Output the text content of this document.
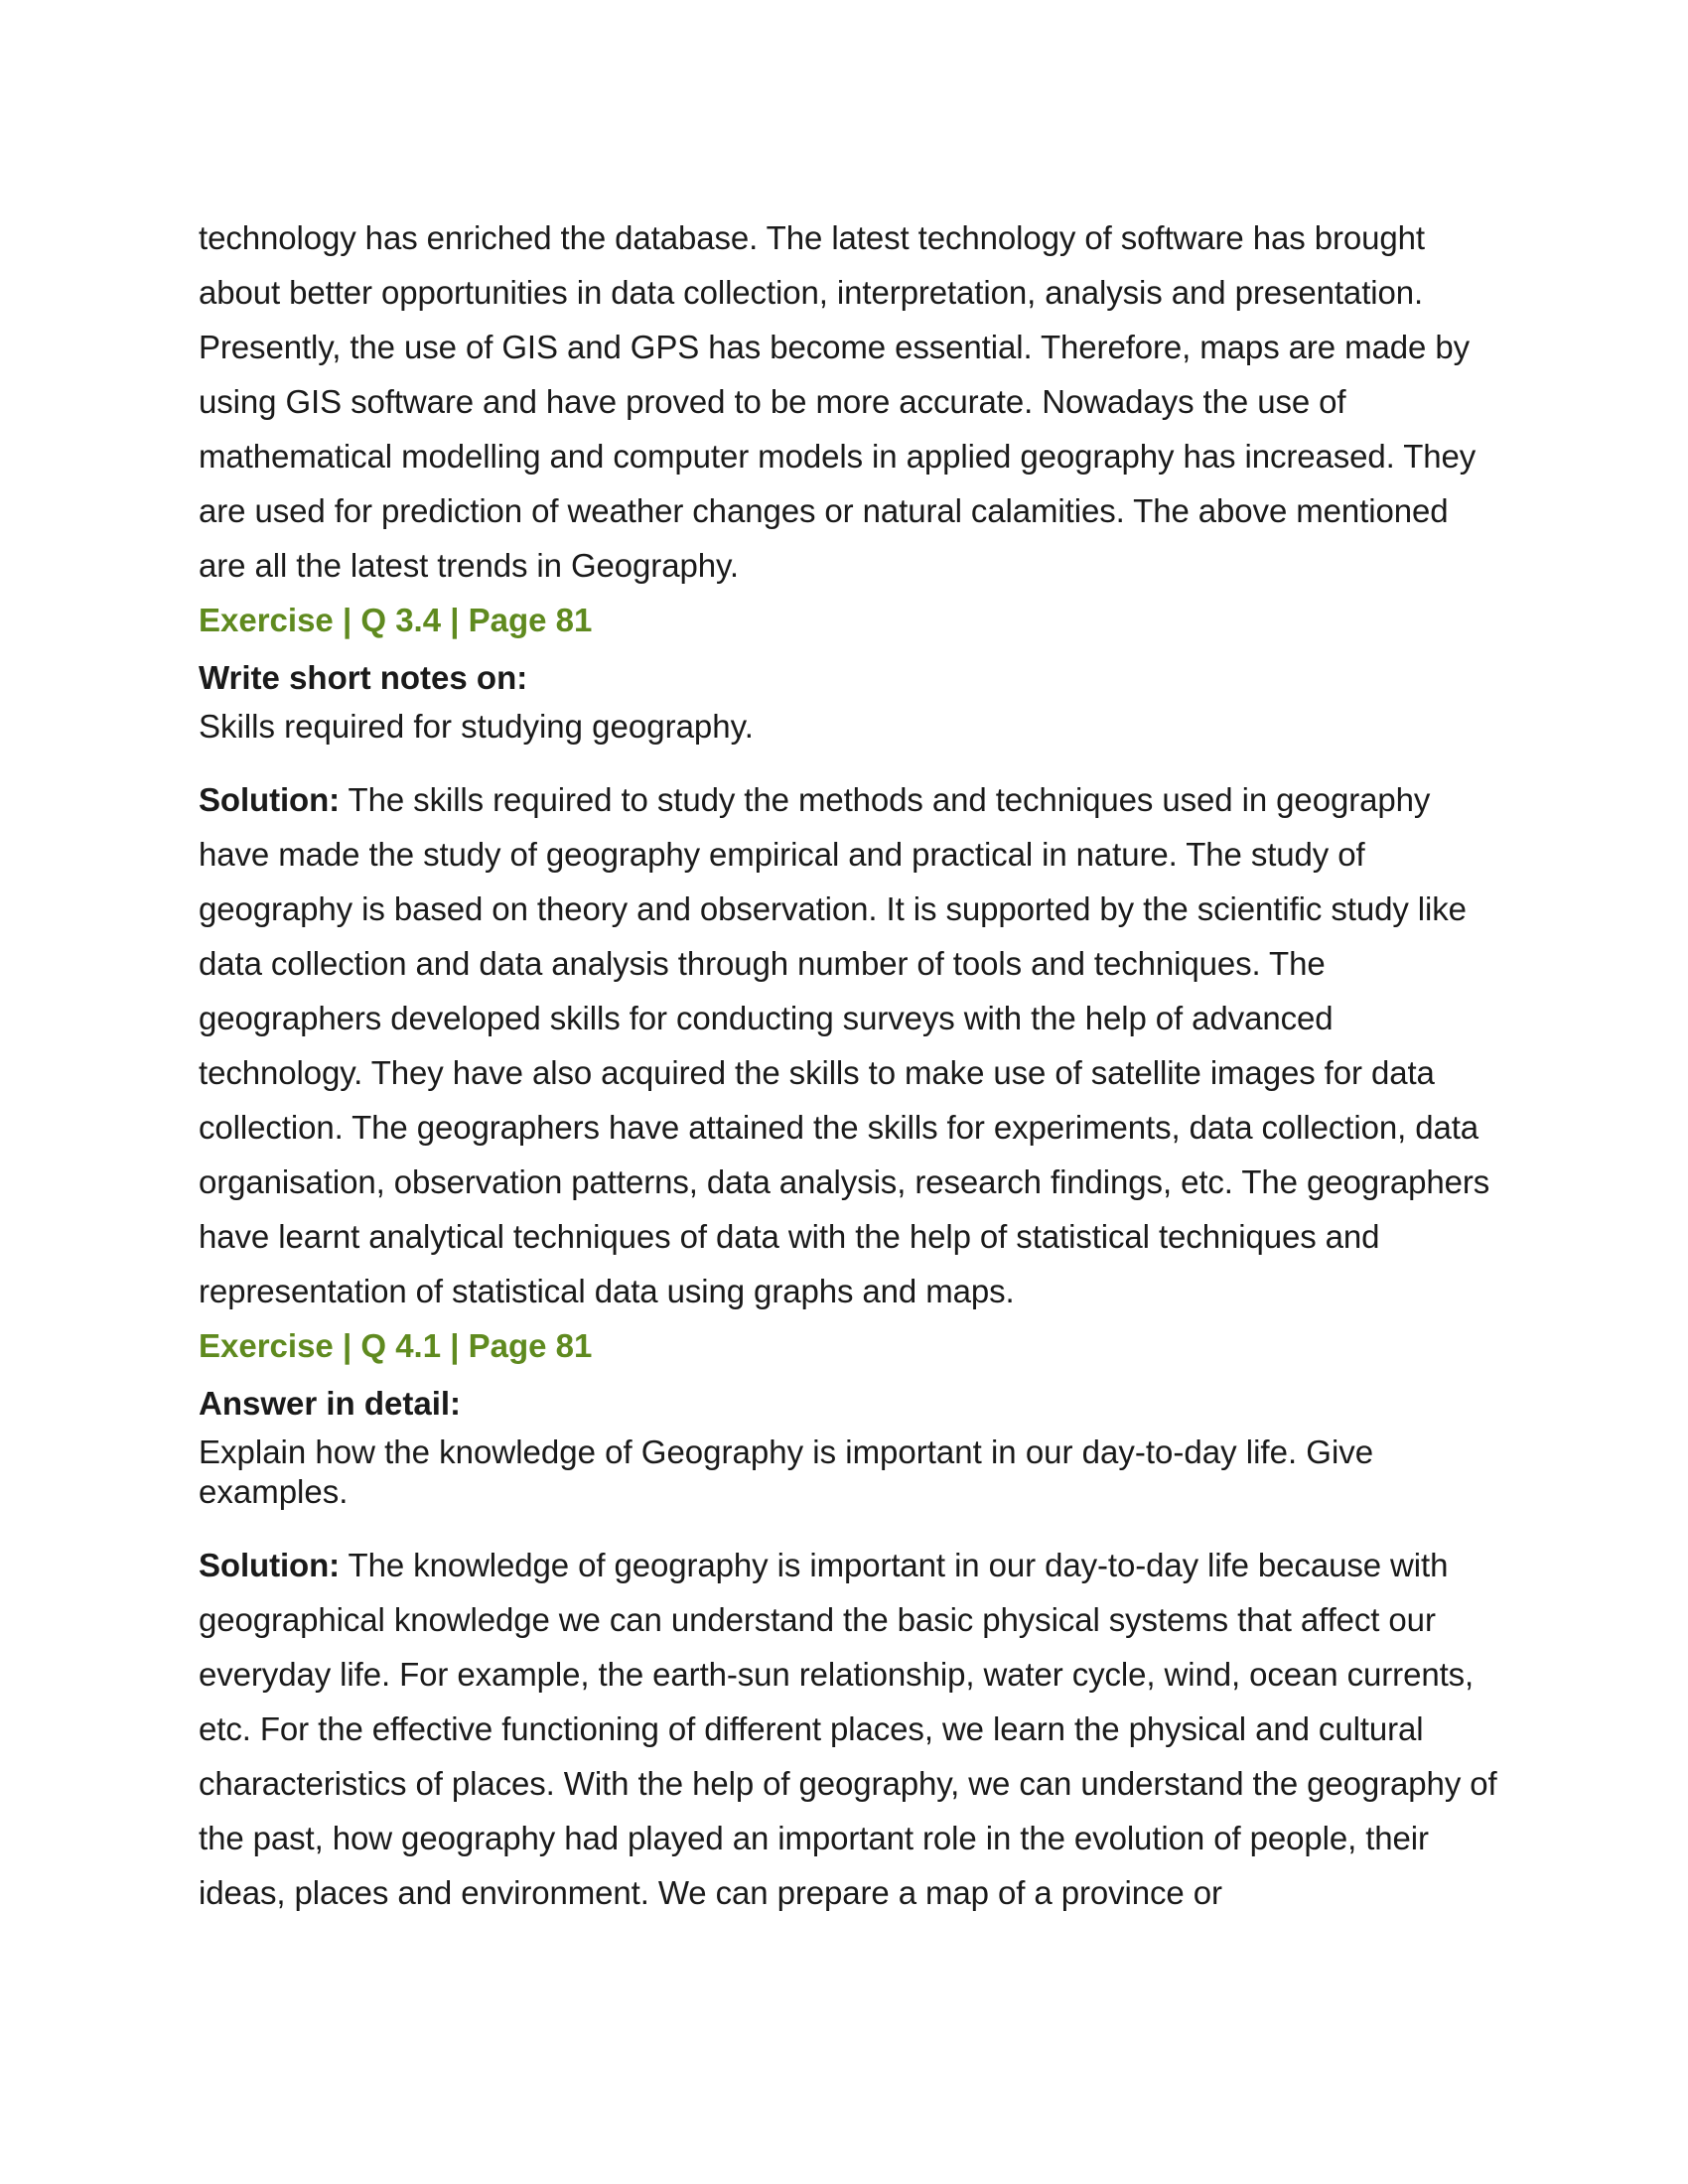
technology has enriched the database. The latest technology of software has brought about better opportunities in data collection, interpretation, analysis and presentation. Presently, the use of GIS and GPS has become essential. Therefore, maps are made by using GIS software and have proved to be more accurate. Nowadays the use of mathematical modelling and computer models in applied geography has increased. They are used for prediction of weather changes or natural calamities. The above mentioned are all the latest trends in Geography.

Exercise | Q 3.4 | Page 81

Write short notes on:

Skills required for studying geography.

Solution: The skills required to study the methods and techniques used in geography have made the study of geography empirical and practical in nature. The study of geography is based on theory and observation. It is supported by the scientific study like data collection and data analysis through number of tools and techniques. The geographers developed skills for conducting surveys with the help of advanced technology. They have also acquired the skills to make use of satellite images for data collection. The geographers have attained the skills for experiments, data collection, data organisation, observation patterns, data analysis, research findings, etc. The geographers have learnt analytical techniques of data with the help of statistical techniques and representation of statistical data using graphs and maps.

Exercise | Q 4.1 | Page 81

Answer in detail:

Explain how the knowledge of Geography is important in our day-to-day life. Give examples.

Solution: The knowledge of geography is important in our day-to-day life because with geographical knowledge we can understand the basic physical systems that affect our everyday life. For example, the earth-sun relationship, water cycle, wind, ocean currents, etc. For the effective functioning of different places, we learn the physical and cultural characteristics of places. With the help of geography, we can understand the geography of the past, how geography had played an important role in the evolution of people, their ideas, places and environment. We can prepare a map of a province or
